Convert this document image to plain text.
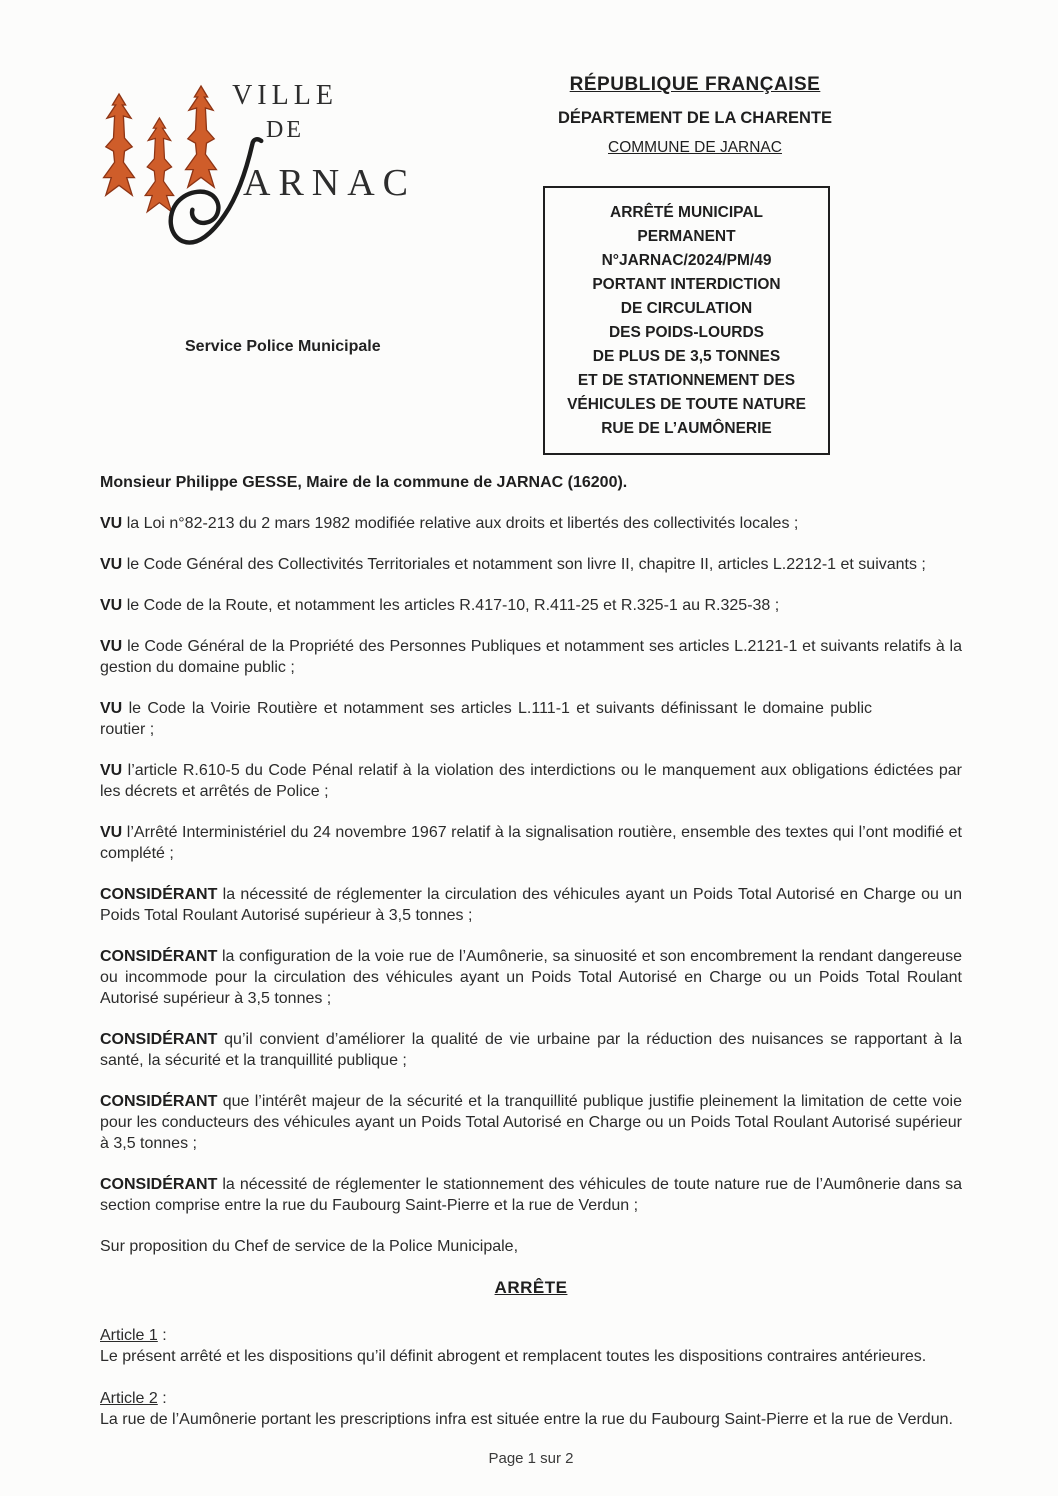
VILLE
DE
ARNAC
RÉPUBLIQUE FRANÇAISE
DÉPARTEMENT DE LA CHARENTE
COMMUNE DE JARNAC
ARRÊTÉ MUNICIPAL
PERMANENT
N°JARNAC/2024/PM/49
PORTANT INTERDICTION
DE CIRCULATION
DES POIDS-LOURDS
DE PLUS DE 3,5 TONNES
ET DE STATIONNEMENT DES
VÉHICULES DE TOUTE NATURE
RUE DE L’AUMÔNERIE
Service Police Municipale

Monsieur Philippe GESSE, Maire de la commune de JARNAC (16200).

VU la Loi n°82-213 du 2 mars 1982 modifiée relative aux droits et libertés des collectivités locales ;

VU le Code Général des Collectivités Territoriales et notamment son livre II, chapitre II, articles L.2212-1 et suivants ;

VU le Code de la Route, et notamment les articles R.417-10, R.411-25 et R.325-1 au R.325-38 ;

VU le Code Général de la Propriété des Personnes Publiques et notamment ses articles L.2121-1 et suivants relatifs à la gestion du domaine public ;

VU le Code la Voirie Routière et notamment ses articles L.111-1 et suivants définissant le domaine public routier ;

VU l’article R.610-5 du Code Pénal relatif à la violation des interdictions ou le manquement aux obligations édictées par les décrets et arrêtés de Police ;

VU l’Arrêté Interministériel du 24 novembre 1967 relatif à la signalisation routière, ensemble des textes qui l’ont modifié et complété ;

CONSIDÉRANT la nécessité de réglementer la circulation des véhicules ayant un Poids Total Autorisé en Charge ou un Poids Total Roulant Autorisé supérieur à 3,5 tonnes ;

CONSIDÉRANT la configuration de la voie rue de l’Aumônerie, sa sinuosité et son encombrement la rendant dangereuse ou incommode pour la circulation des véhicules ayant un Poids Total Autorisé en Charge ou un Poids Total Roulant Autorisé supérieur à 3,5 tonnes ;

CONSIDÉRANT qu’il convient d’améliorer la qualité de vie urbaine par la réduction des nuisances se rapportant à la santé, la sécurité et la tranquillité publique ;

CONSIDÉRANT que l’intérêt majeur de la sécurité et la tranquillité publique justifie pleinement la limitation de cette voie pour les conducteurs des véhicules ayant un Poids Total Autorisé en Charge ou un Poids Total Roulant Autorisé supérieur à 3,5 tonnes ;

CONSIDÉRANT la nécessité de réglementer le stationnement des véhicules de toute nature rue de l’Aumônerie dans sa section comprise entre la rue du Faubourg Saint-Pierre et la rue de Verdun ;

Sur proposition du Chef de service de la Police Municipale,

ARRÊTE
Article 1 :
Le présent arrêté et les dispositions qu’il définit abrogent et remplacent toutes les dispositions contraires antérieures.
Article 2 :
La rue de l’Aumônerie portant les prescriptions infra est située entre la rue du Faubourg Saint-Pierre et la rue de Verdun.
Page 1 sur 2
